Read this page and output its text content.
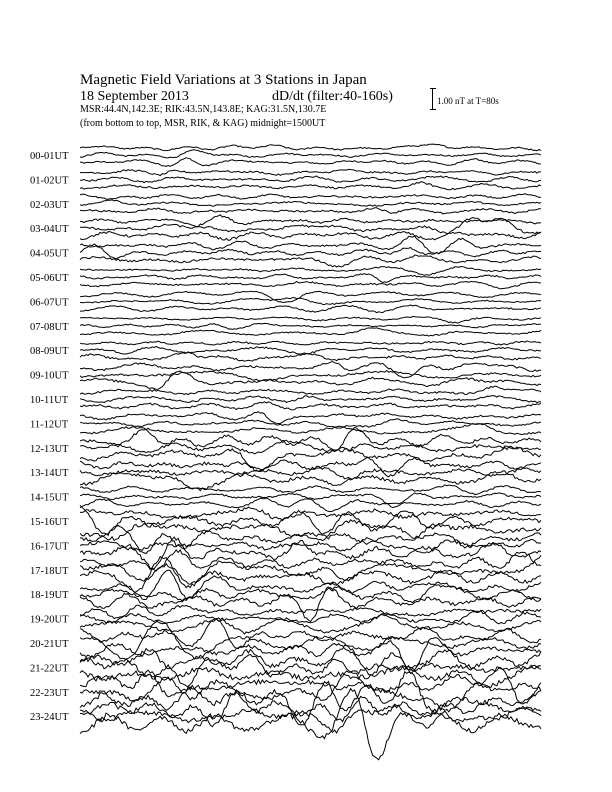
00-01UT
01-02UT
02-03UT
03-04UT
04-05UT
05-06UT
06-07UT
07-08UT
08-09UT
09-10UT
10-11UT
11-12UT
12-13UT
13-14UT
14-15UT
15-16UT
16-17UT
17-18UT
18-19UT
19-20UT
20-21UT
21-22UT
22-23UT
23-24UT
Magnetic Field Variations at 3 Stations in Japan
18 September 2013	dD/dt (filter:40-160s)
MSR:44.4N,142.3E; RIK:43.5N,143.8E; KAG:31.5N,130.7E
(from bottom to top, MSR, RIK, & KAG) midnight=1500UT
1.00 nT at T=80s
